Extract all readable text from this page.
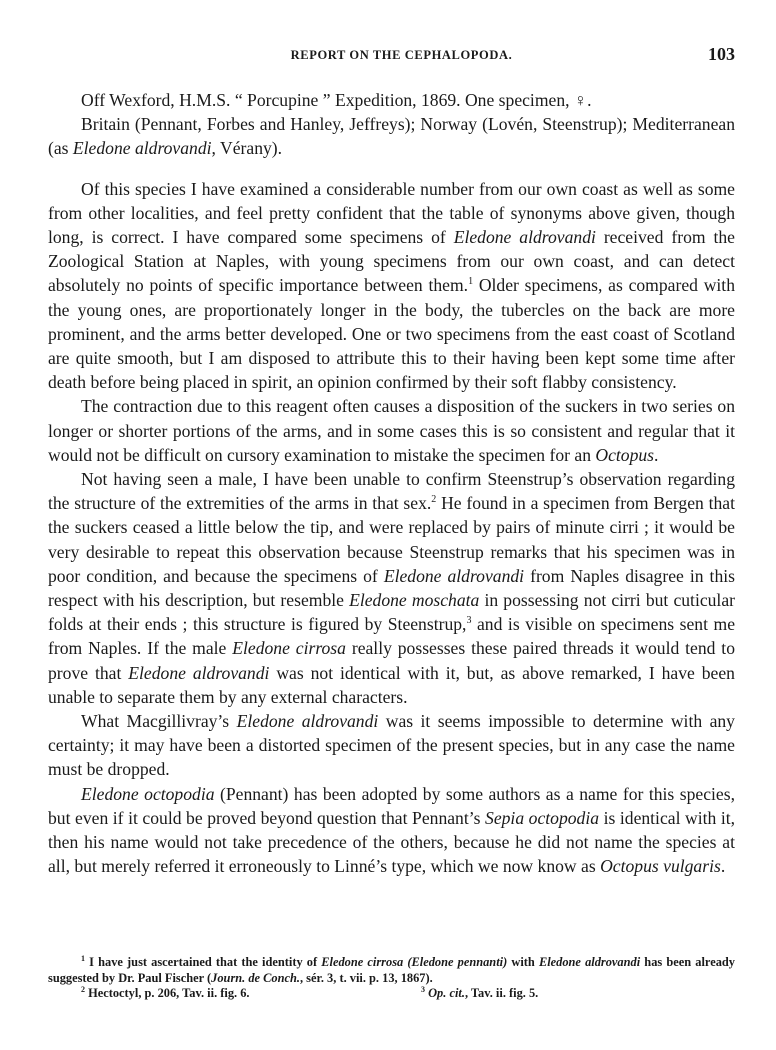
REPORT ON THE CEPHALOPODA.	103

Off Wexford, H.M.S. “ Porcupine ” Expedition, 1869. One specimen, ♀.

Britain (Pennant, Forbes and Hanley, Jeffreys); Norway (Lovén, Steenstrup); Mediterranean (as Eledone aldrovandi, Vérany).

Of this species I have examined a considerable number from our own coast as well as some from other localities, and feel pretty confident that the table of synonyms above given, though long, is correct. I have compared some specimens of Eledone aldrovandi received from the Zoological Station at Naples, with young specimens from our own coast, and can detect absolutely no points of specific importance between them.$^1$ Older specimens, as compared with the young ones, are proportionately longer in the body, the tubercles on the back are more prominent, and the arms better developed. One or two specimens from the east coast of Scotland are quite smooth, but I am disposed to attribute this to their having been kept some time after death before being placed in spirit, an opinion confirmed by their soft flabby consistency.

The contraction due to this reagent often causes a disposition of the suckers in two series on longer or shorter portions of the arms, and in some cases this is so consistent and regular that it would not be difficult on cursory examination to mistake the specimen for an Octopus.

Not having seen a male, I have been unable to confirm Steenstrup’s observation regarding the structure of the extremities of the arms in that sex.$^2$ He found in a specimen from Bergen that the suckers ceased a little below the tip, and were replaced by pairs of minute cirri ; it would be very desirable to repeat this observation because Steenstrup remarks that his specimen was in poor condition, and because the specimens of Eledone aldrovandi from Naples disagree in this respect with his description, but resemble Eledone moschata in possessing not cirri but cuticular folds at their ends ; this structure is figured by Steenstrup,$^3$ and is visible on specimens sent me from Naples. If the male Eledone cirrosa really possesses these paired threads it would tend to prove that Eledone aldrovandi was not identical with it, but, as above remarked, I have been unable to separate them by any external characters.

What Macgillivray’s Eledone aldrovandi was it seems impossible to determine with any certainty; it may have been a distorted specimen of the present species, but in any case the name must be dropped.

Eledone octopodia (Pennant) has been adopted by some authors as a name for this species, but even if it could be proved beyond question that Pennant’s Sepia octopodia is identical with it, then his name would not take precedence of the others, because he did not name the species at all, but merely referred it erroneously to Linné’s type, which we now know as Octopus vulgaris.

$^1$ I have just ascertained that the identity of Eledone cirrosa (Eledone pennanti) with Eledone aldrovandi has been already suggested by Dr. Paul Fischer (Journ. de Conch., sér. 3, t. vii. p. 13, 1867).

$^2$ Hectoctyl, p. 206, Tav. ii. fig. 6.	$^3$ Op. cit., Tav. ii. fig. 5.
